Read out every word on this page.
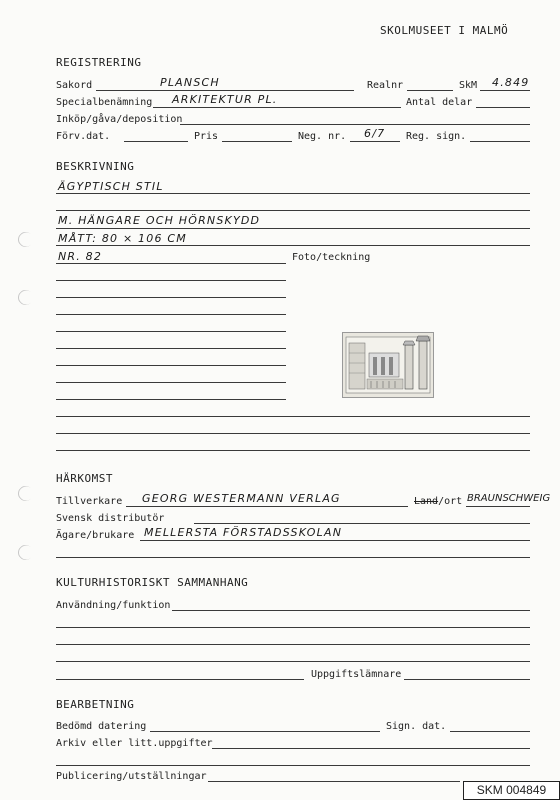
SKOLMUSEET I MALMÖ
REGISTRERING
Sakord	PLANSCH	Realnr	SkM 4.849
Specialbenämning ARKITEKTUR PL.	Antal delar
Inköp/gåva/deposition
Förv.dat.	Pris	Neg. nr. 6/7 Reg. sign.
BESKRIVNING
ÄGYPTISCH STIL
M. HÄNGARE OCH HÖRNSKYDD
MÅTT: 80 × 106 CM
NR. 82	Foto/teckning
HÄRKOMST
Tillverkare GEORG WESTERMANN VERLAG	Land/ort BRAUNSCHWEIG
Svensk distributör
Ägare/brukare MELLERSTA FÖRSTADSSKOLAN
KULTURHISTORISKT SAMMANHANG
Användning/funktion
Uppgiftslämnare
BEARBETNING
Bedömd datering	Sign. dat.
Arkiv eller litt.uppgifter
Publicering/utställningar
SKM 004849
